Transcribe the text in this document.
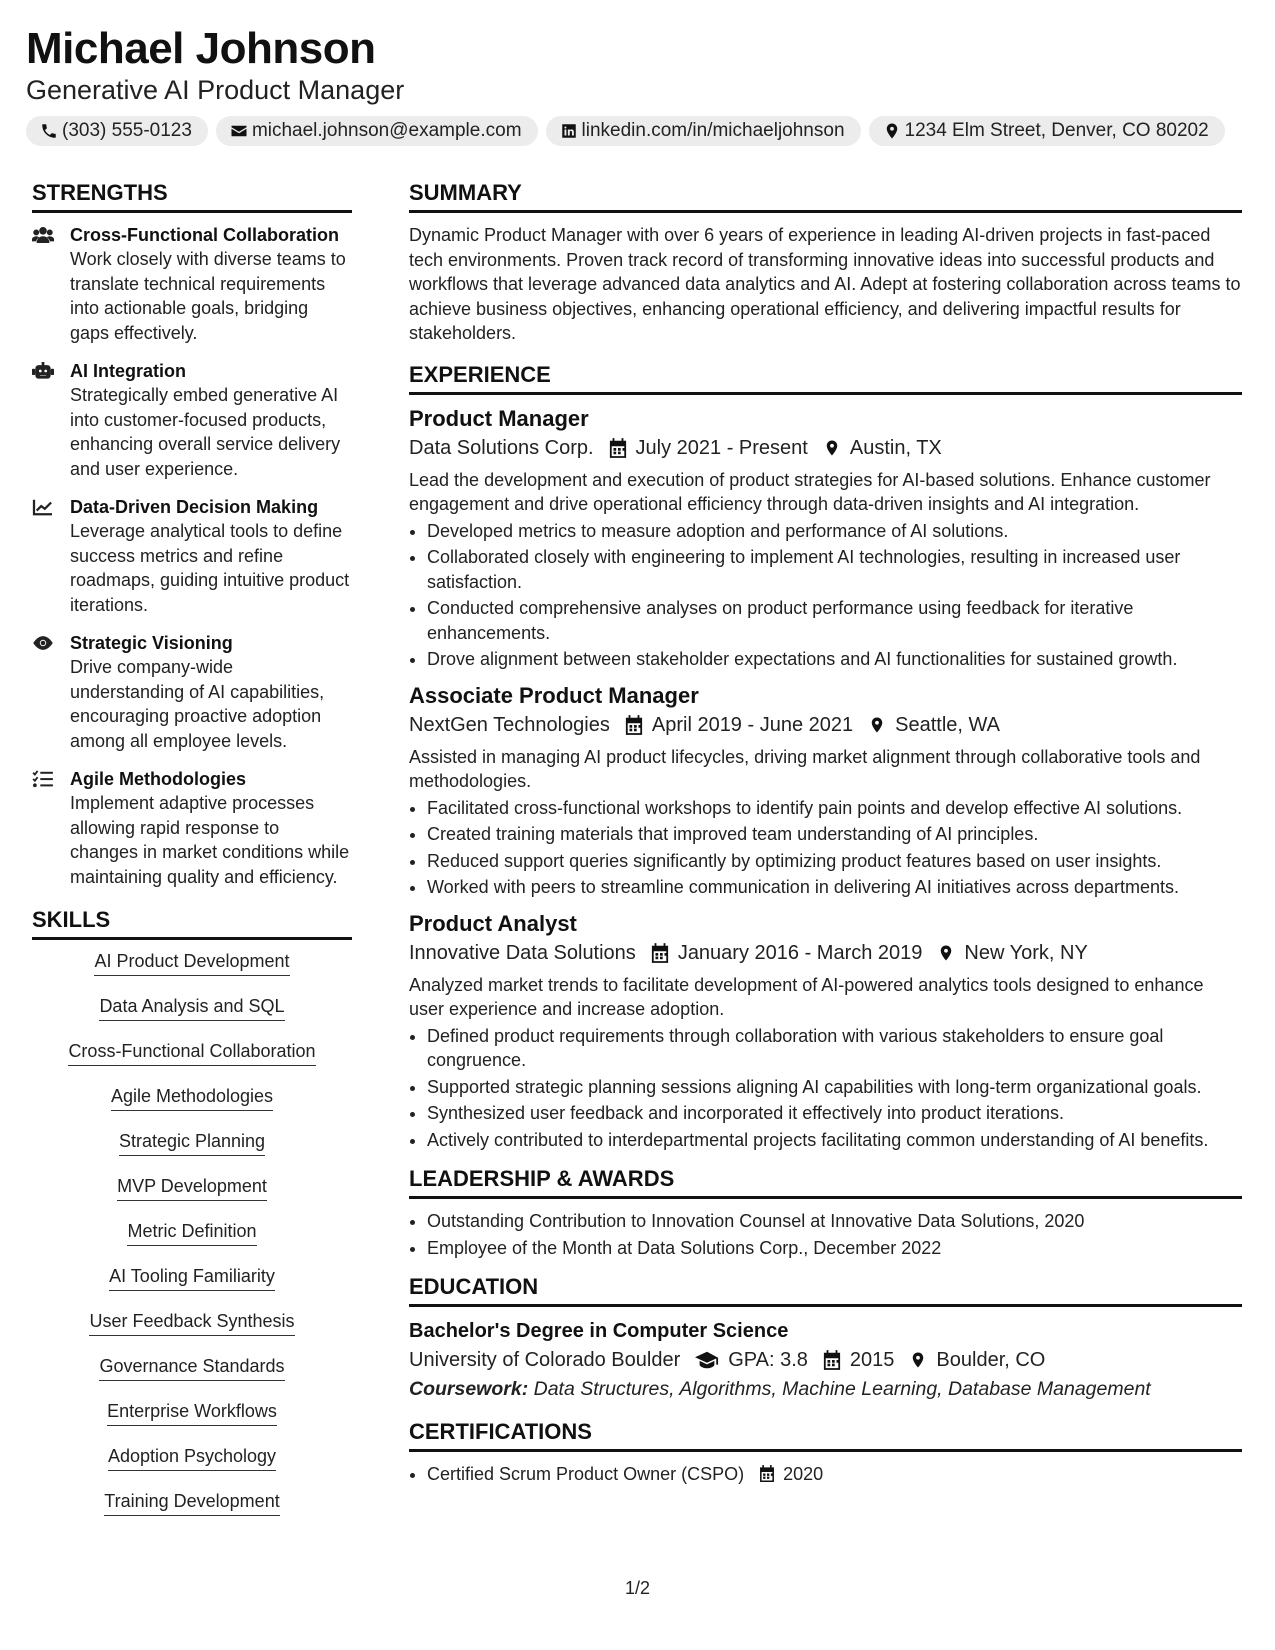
Michael Johnson
Generative AI Product Manager
(303) 555-0123	michael.johnson@example.com	linkedin.com/in/michaeljohnson	1234 Elm Street, Denver, CO 80202
STRENGTHS
Cross-Functional Collaboration
Work closely with diverse teams to translate technical requirements into actionable goals, bridging gaps effectively.
AI Integration
Strategically embed generative AI into customer-focused products, enhancing overall service delivery and user experience.
Data-Driven Decision Making
Leverage analytical tools to define success metrics and refine roadmaps, guiding intuitive product iterations.
Strategic Visioning
Drive company-wide understanding of AI capabilities, encouraging proactive adoption among all employee levels.
Agile Methodologies
Implement adaptive processes allowing rapid response to changes in market conditions while maintaining quality and efficiency.
SKILLS
AI Product Development
Data Analysis and SQL
Cross-Functional Collaboration
Agile Methodologies
Strategic Planning
MVP Development
Metric Definition
AI Tooling Familiarity
User Feedback Synthesis
Governance Standards
Enterprise Workflows
Adoption Psychology
Training Development
SUMMARY
Dynamic Product Manager with over 6 years of experience in leading AI-driven projects in fast-paced tech environments. Proven track record of transforming innovative ideas into successful products and workflows that leverage advanced data analytics and AI. Adept at fostering collaboration across teams to achieve business objectives, enhancing operational efficiency, and delivering impactful results for stakeholders.
EXPERIENCE
Product Manager
Data Solutions Corp. July 2021 - Present Austin, TX
Lead the development and execution of product strategies for AI-based solutions. Enhance customer engagement and drive operational efficiency through data-driven insights and AI integration.
• Developed metrics to measure adoption and performance of AI solutions.
• Collaborated closely with engineering to implement AI technologies, resulting in increased user satisfaction.
• Conducted comprehensive analyses on product performance using feedback for iterative enhancements.
• Drove alignment between stakeholder expectations and AI functionalities for sustained growth.
Associate Product Manager
NextGen Technologies April 2019 - June 2021 Seattle, WA
Assisted in managing AI product lifecycles, driving market alignment through collaborative tools and methodologies.
• Facilitated cross-functional workshops to identify pain points and develop effective AI solutions.
• Created training materials that improved team understanding of AI principles.
• Reduced support queries significantly by optimizing product features based on user insights.
• Worked with peers to streamline communication in delivering AI initiatives across departments.
Product Analyst
Innovative Data Solutions January 2016 - March 2019 New York, NY
Analyzed market trends to facilitate development of AI-powered analytics tools designed to enhance user experience and increase adoption.
• Defined product requirements through collaboration with various stakeholders to ensure goal congruence.
• Supported strategic planning sessions aligning AI capabilities with long-term organizational goals.
• Synthesized user feedback and incorporated it effectively into product iterations.
• Actively contributed to interdepartmental projects facilitating common understanding of AI benefits.
LEADERSHIP & AWARDS
• Outstanding Contribution to Innovation Counsel at Innovative Data Solutions, 2020
• Employee of the Month at Data Solutions Corp., December 2022
EDUCATION
Bachelor's Degree in Computer Science
University of Colorado Boulder GPA: 3.8 2015 Boulder, CO
Coursework: Data Structures, Algorithms, Machine Learning, Database Management
CERTIFICATIONS
• Certified Scrum Product Owner (CSPO) 2020
1/2
